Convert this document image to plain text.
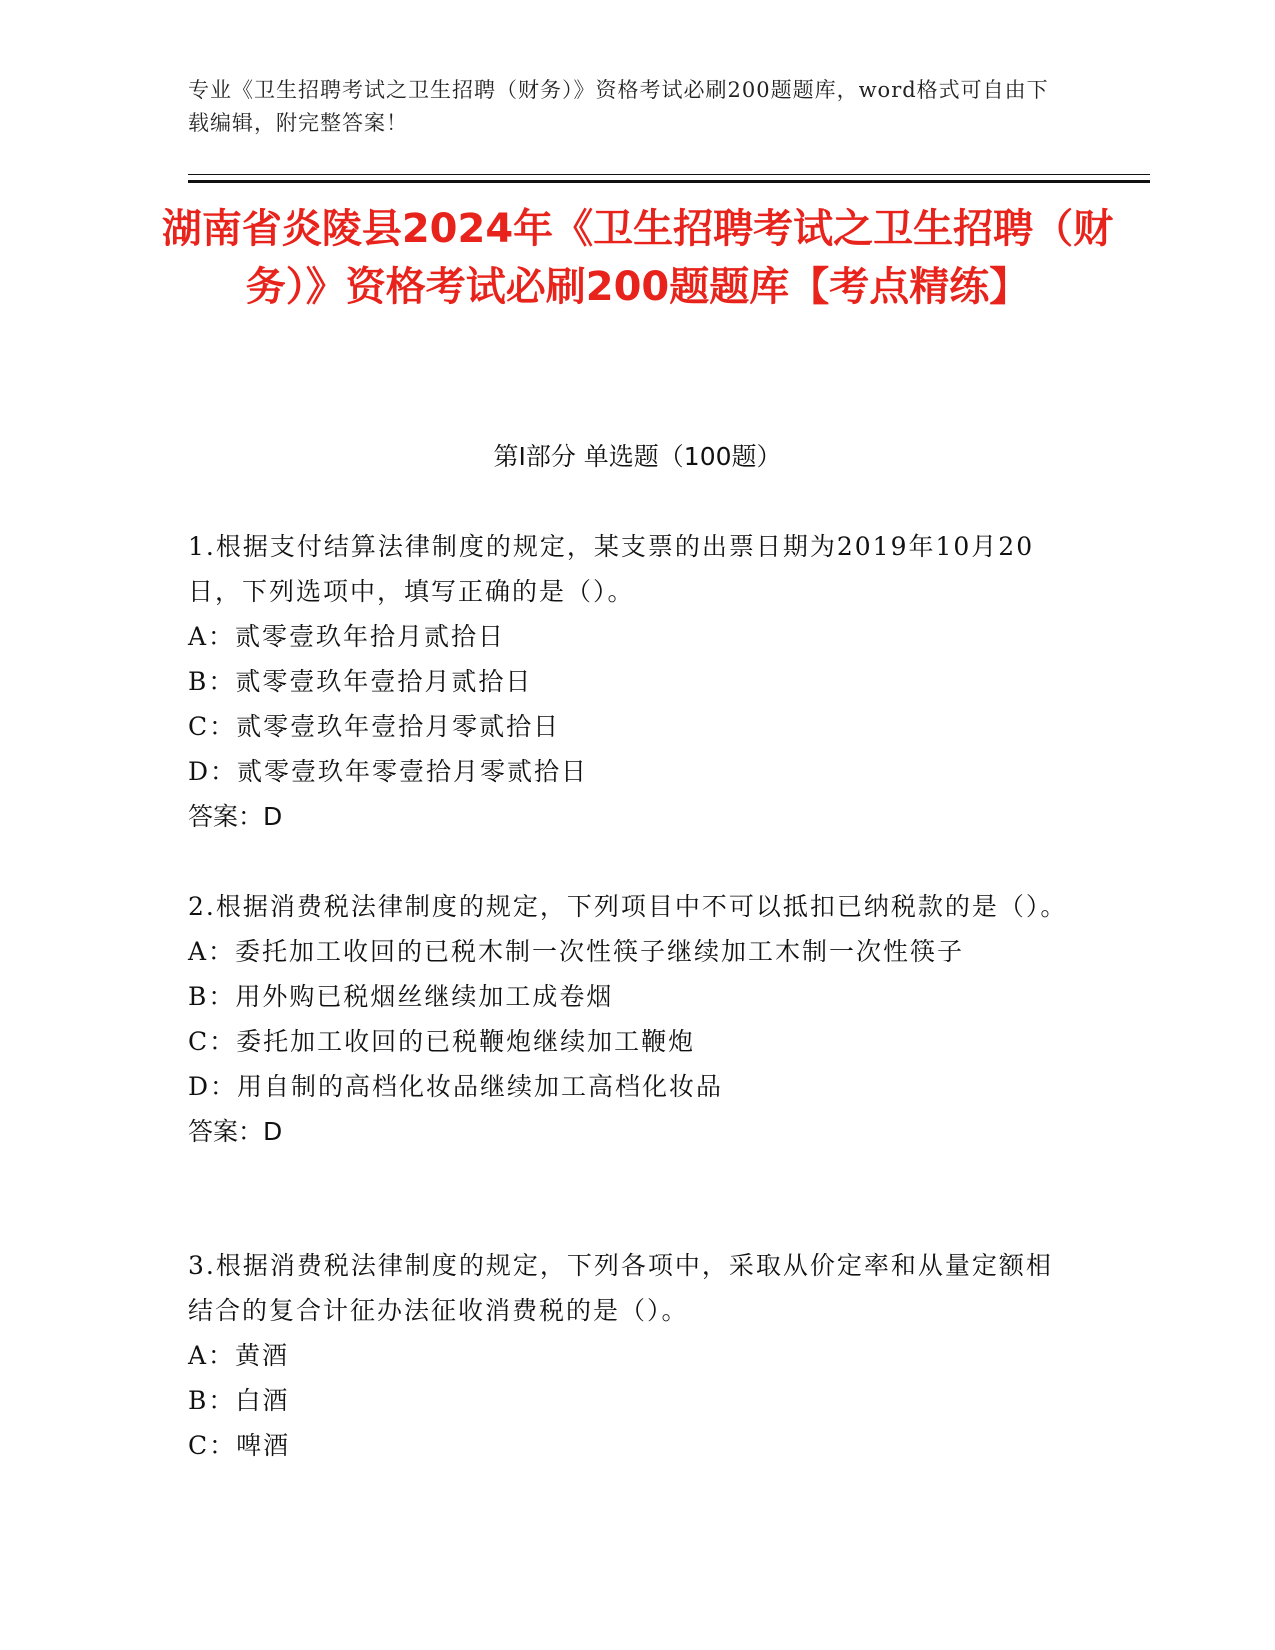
专业《卫生招聘考试之卫生招聘（财务）》资格考试必刷200题题库，word格式可自由下载编辑，附完整答案！
湖南省炎陵县2024年《卫生招聘考试之卫生招聘（财务）》资格考试必刷200题题库【考点精练】
第I部分 单选题（100题）
1.根据支付结算法律制度的规定，某支票的出票日期为2019年10月20日，下列选项中，填写正确的是（）。
A：贰零壹玖年拾月贰拾日
B：贰零壹玖年壹拾月贰拾日
C：贰零壹玖年壹拾月零贰拾日
D：贰零壹玖年零壹拾月零贰拾日
答案：D
2.根据消费税法律制度的规定，下列项目中不可以抵扣已纳税款的是（）。
A：委托加工收回的已税木制一次性筷子继续加工木制一次性筷子
B：用外购已税烟丝继续加工成卷烟
C：委托加工收回的已税鞭炮继续加工鞭炮
D：用自制的高档化妆品继续加工高档化妆品
答案：D
3.根据消费税法律制度的规定，下列各项中，采取从价定率和从量定额相结合的复合计征办法征收消费税的是（）。
A：黄酒
B：白酒
C：啤酒
